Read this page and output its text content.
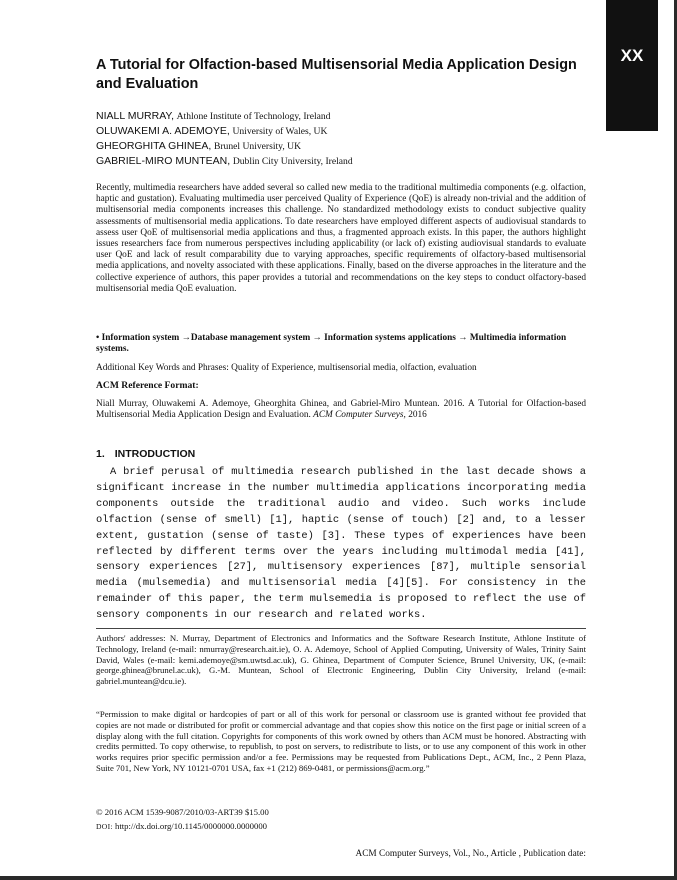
XX
A Tutorial for Olfaction-based Multisensorial Media Application Design and Evaluation
NIALL MURRAY, Athlone Institute of Technology, Ireland
OLUWAKEMI A. ADEMOYE, University of Wales, UK
GHEORGHITA GHINEA, Brunel University, UK
GABRIEL-MIRO MUNTEAN, Dublin City University, Ireland

Recently, multimedia researchers have added several so called new media to the traditional multimedia components (e.g. olfaction, haptic and gustation). Evaluating multimedia user perceived Quality of Experience (QoE) is already non-trivial and the addition of multisensorial media components increases this challenge. No standardized methodology exists to conduct subjective quality assessments of multisensorial media applications. To date researchers have employed different aspects of audiovisual standards to assess user QoE of multisensorial media applications and thus, a fragmented approach exists. In this paper, the authors highlight issues researchers face from numerous perspectives including applicability (or lack of) existing audiovisual standards to evaluate user QoE and lack of result comparability due to varying approaches, specific requirements of olfactory-based multisensorial media applications, and novelty associated with these applications. Finally, based on the diverse approaches in the literature and the collective experience of authors, this paper provides a tutorial and recommendations on the key steps to conduct olfactory-based multisensorial media QoE evaluation.

• Information system →Database management system → Information systems applications → Multimedia information systems.

Additional Key Words and Phrases: Quality of Experience, multisensorial media, olfaction, evaluation

ACM Reference Format:

Niall Murray, Oluwakemi A. Ademoye, Gheorghita Ghinea, and Gabriel-Miro Muntean. 2016. A Tutorial for Olfaction-based Multisensorial Media Application Design and Evaluation. ACM Computer Surveys, 2016

1. INTRODUCTION

A brief perusal of multimedia research published in the last decade shows a significant increase in the number multimedia applications incorporating media components outside the traditional audio and video. Such works include olfaction (sense of smell) [1], haptic (sense of touch) [2] and, to a lesser extent, gustation (sense of taste) [3]. These types of experiences have been reflected by different terms over the years including multimodal media [41], sensory experiences [27], multisensory experiences [87], multiple sensorial media (mulsemedia) and multisensorial media [4][5]. For consistency in the remainder of this paper, the term mulsemedia is proposed to reflect the use of sensory components in our research and related works.

Authors' addresses: N. Murray, Department of Electronics and Informatics and the Software Research Institute, Athlone Institute of Technology, Ireland (e-mail: nmurray@research.ait.ie), O. A. Ademoye, School of Applied Computing, University of Wales, Trinity Saint David, Wales (e-mail: kemi.ademoye@sm.uwtsd.ac.uk), G. Ghinea, Department of Computer Science, Brunel University, UK, (e-mail: george.ghinea@brunel.ac.uk), G.-M. Muntean, School of Electronic Engineering, Dublin City University, Ireland (e-mail: gabriel.muntean@dcu.ie).

“Permission to make digital or hardcopies of part or all of this work for personal or classroom use is granted without fee provided that copies are not made or distributed for profit or commercial advantage and that copies show this notice on the first page or initial screen of a display along with the full citation. Copyrights for components of this work owned by others than ACM must be honored. Abstracting with credits permitted. To copy otherwise, to republish, to post on servers, to redistribute to lists, or to use any component of this work in other works requires prior specific permission and/or a fee. Permissions may be requested from Publications Dept., ACM, Inc., 2 Penn Plaza, Suite 701, New York, NY 10121-0701 USA, fax +1 (212) 869-0481, or permissions@acm.org.”

© 2016 ACM 1539-9087/2010/03-ART39 $15.00

DOI: http://dx.doi.org/10.1145/0000000.0000000

ACM Computer Surveys, Vol., No., Article , Publication date:
